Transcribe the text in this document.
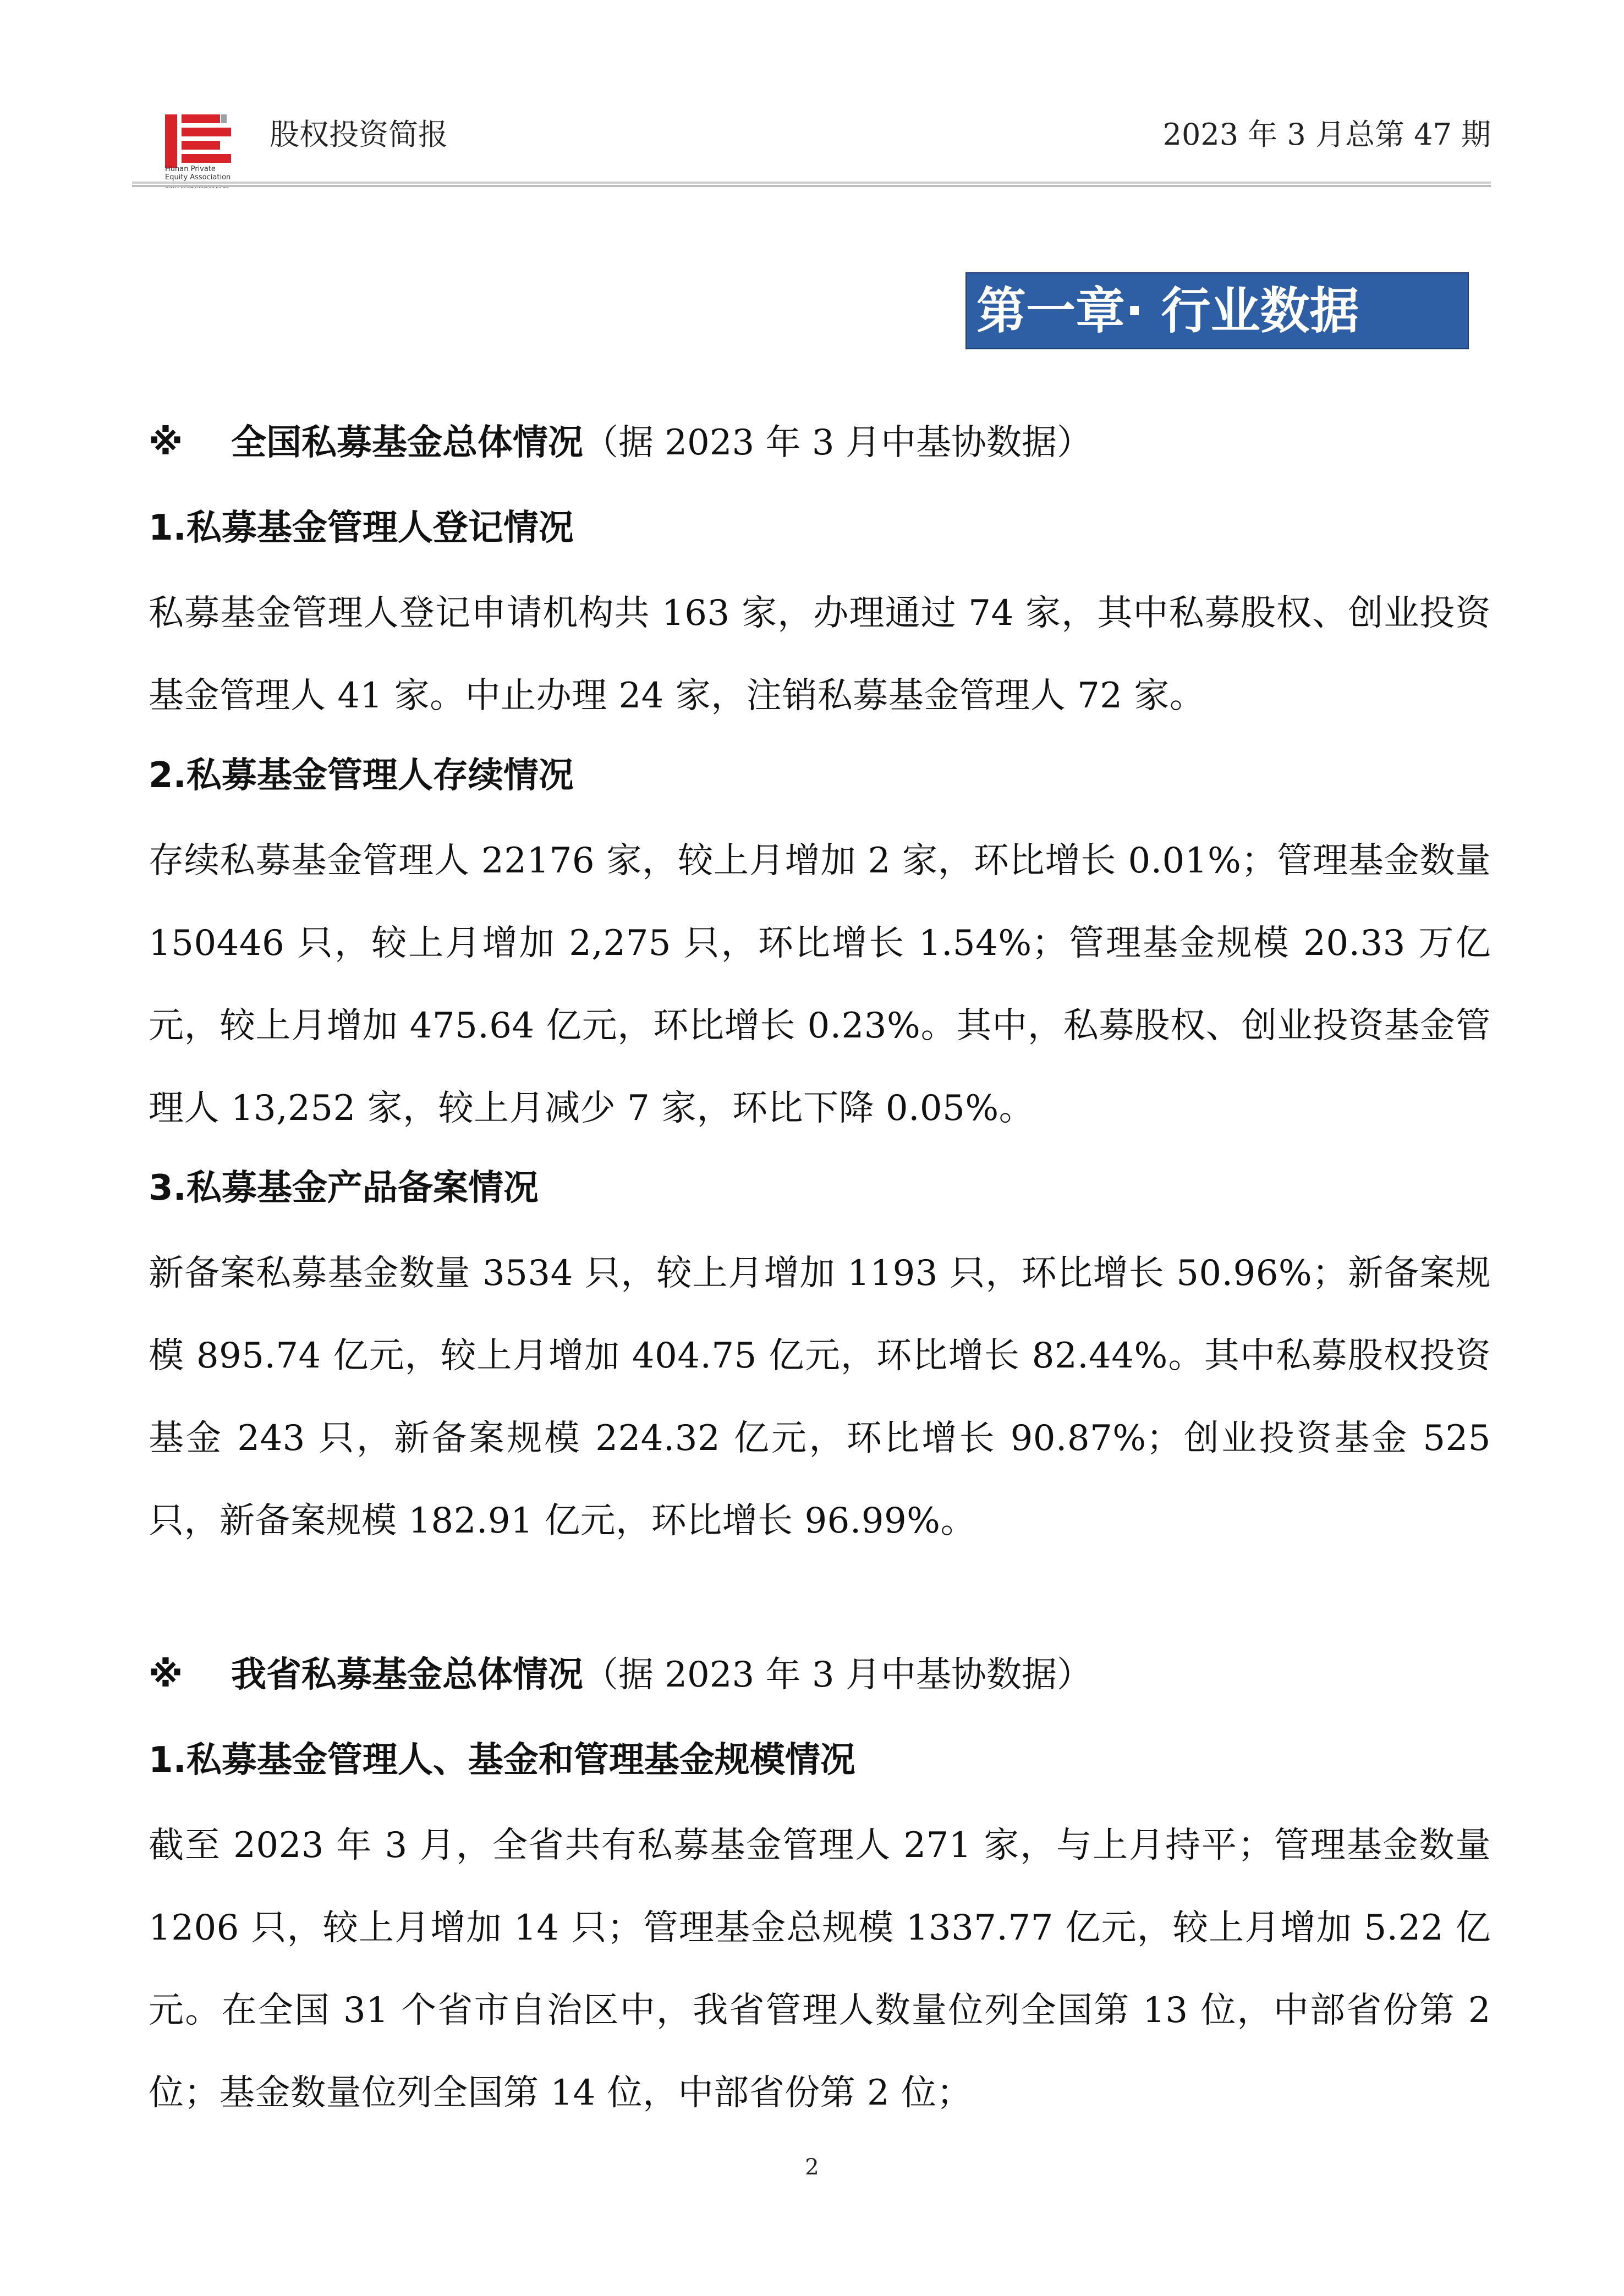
Hunan Private
Equity Association
股权投资简报	2023 年 3 月总第 47 期
第一章· 行业数据
※ 全国私募基金总体情况（据 2023 年 3 月中基协数据）
1.私募基金管理人登记情况
私募基金管理人登记申请机构共 163 家，办理通过 74 家，其中私募股权、创业投资基金管理人 41 家。中止办理 24 家，注销私募基金管理人 72 家。
2.私募基金管理人存续情况
存续私募基金管理人 22176 家，较上月增加 2 家，环比增长 0.01%；管理基金数量 150446 只，较上月增加 2,275 只，环比增长 1.54%；管理基金规模 20.33 万亿元，较上月增加 475.64 亿元，环比增长 0.23%。其中，私募股权、创业投资基金管理人 13,252 家，较上月减少 7 家，环比下降 0.05%。
3.私募基金产品备案情况
新备案私募基金数量 3534 只，较上月增加 1193 只，环比增长 50.96%；新备案规模 895.74 亿元，较上月增加 404.75 亿元，环比增长 82.44%。其中私募股权投资基金 243 只，新备案规模 224.32 亿元，环比增长 90.87%；创业投资基金 525 只，新备案规模 182.91 亿元，环比增长 96.99%。
※ 我省私募基金总体情况（据 2023 年 3 月中基协数据）
1.私募基金管理人、基金和管理基金规模情况
截至 2023 年 3 月，全省共有私募基金管理人 271 家，与上月持平；管理基金数量 1206 只，较上月增加 14 只；管理基金总规模 1337.77 亿元，较上月增加 5.22 亿元。在全国 31 个省市自治区中，我省管理人数量位列全国第 13 位，中部省份第 2 位；基金数量位列全国第 14 位，中部省份第 2 位；
2
